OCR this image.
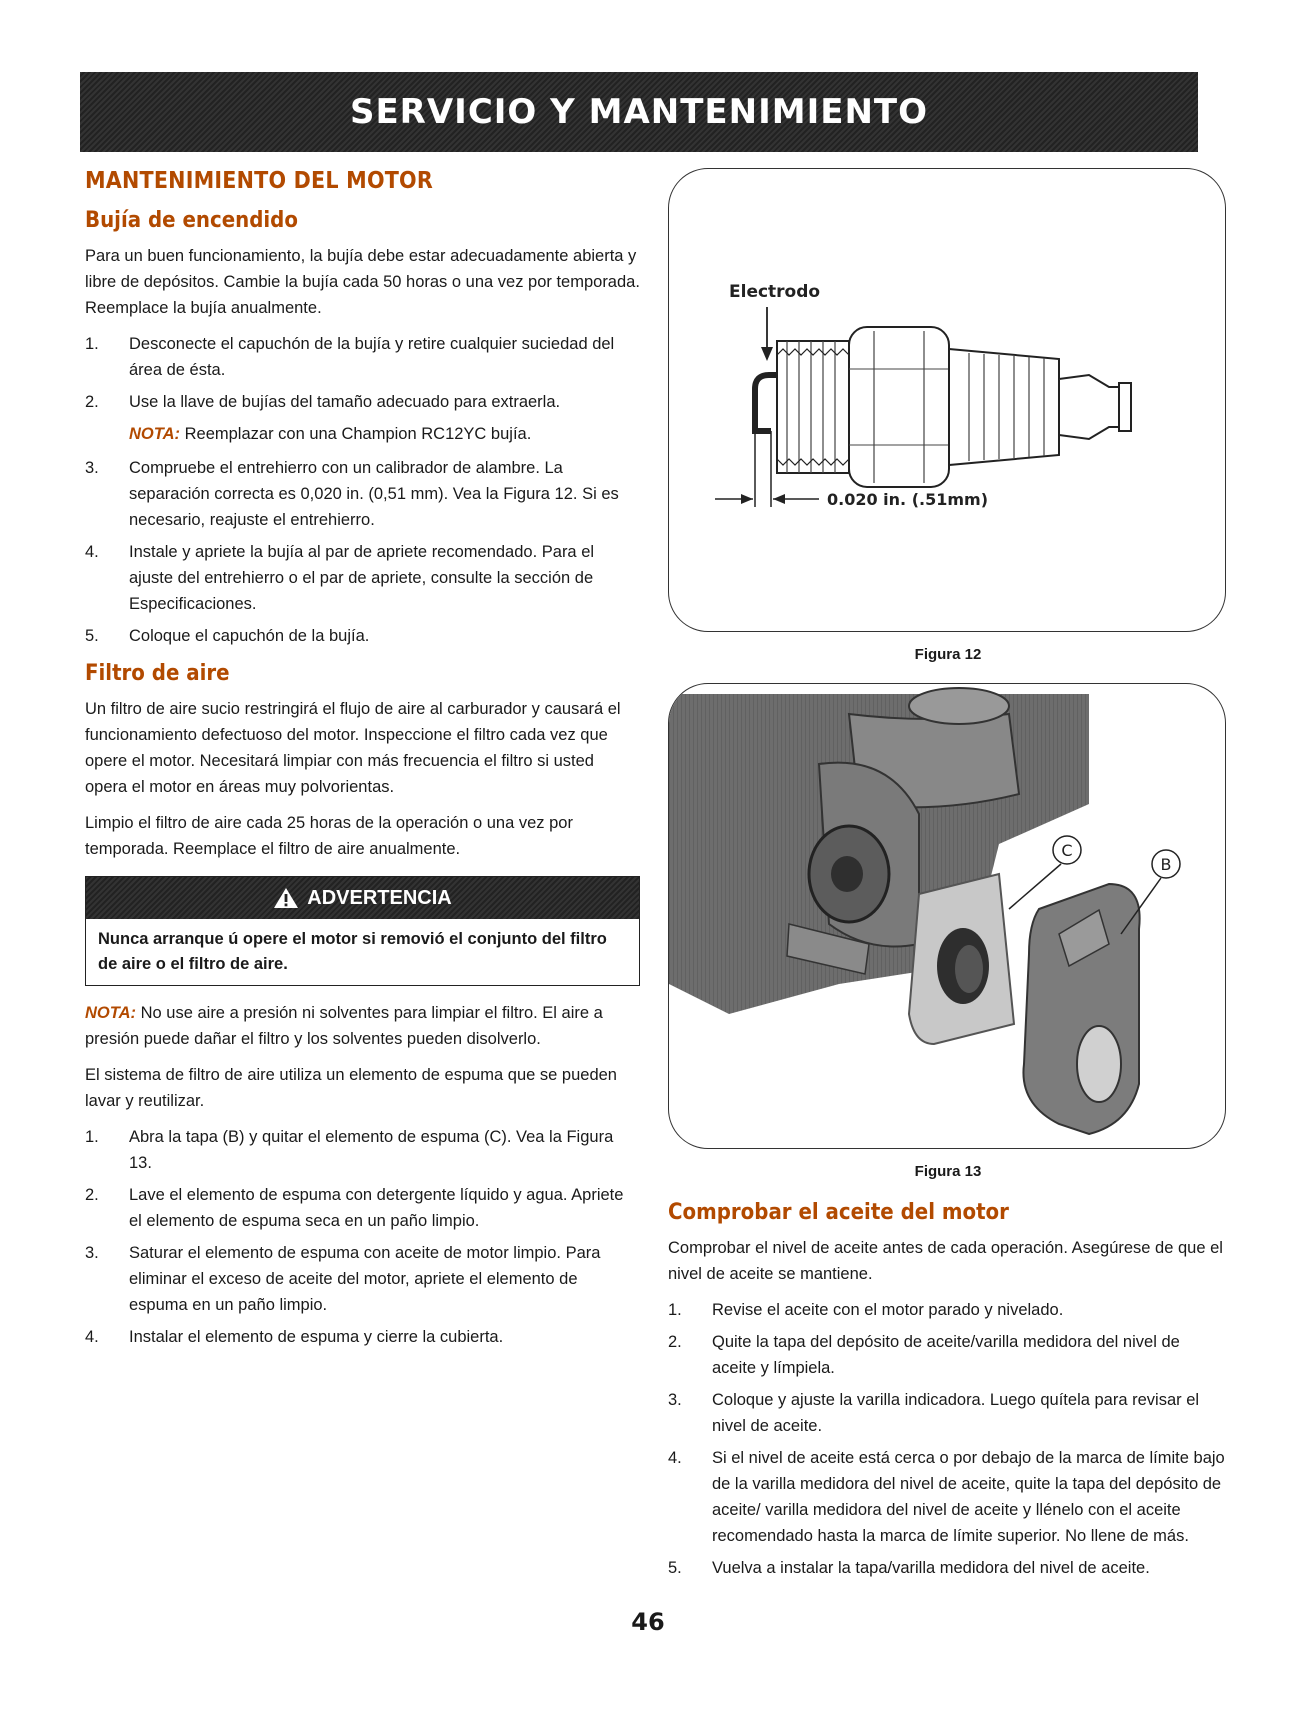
SERVICIO Y MANTENIMIENTO
MANTENIMIENTO DEL MOTOR
Bujía de encendido

Para un buen funcionamiento, la bujía debe estar adecuadamente abierta y libre de depósitos. Cambie la bujía cada 50 horas o una vez por temporada. Reemplace la bujía anualmente.

1. Desconecte el capuchón de la bujía y retire cualquier suciedad del área de ésta.
2. Use la llave de bujías del tamaño adecuado para extraerla.
NOTA: Reemplazar con una Champion RC12YC bujía.
3. Compruebe el entrehierro con un calibrador de alambre. La separación correcta es 0,020 in. (0,51 mm). Vea la Figura 12. Si es necesario, reajuste el entrehierro.
4. Instale y apriete la bujía al par de apriete recomendado. Para el ajuste del entrehierro o el par de apriete, consulte la sección de Especificaciones.
5. Coloque el capuchón de la bujía.
Filtro de aire

Un filtro de aire sucio restringirá el flujo de aire al carburador y causará el funcionamiento defectuoso del motor. Inspeccione el filtro cada vez que opere el motor. Necesitará limpiar con más frecuencia el filtro si usted opera el motor en áreas muy polvorientas.

Limpio el filtro de aire cada 25 horas de la operación o una vez por temporada. Reemplace el filtro de aire anualmente.

ADVERTENCIA
Nunca arranque ú opere el motor si removió el conjunto del filtro de aire o el filtro de aire.

NOTA: No use aire a presión ni solventes para limpiar el filtro. El aire a presión puede dañar el filtro y los solventes pueden disolverlo.

El sistema de filtro de aire utiliza un elemento de espuma que se pueden lavar y reutilizar.

1. Abra la tapa (B) y quitar el elemento de espuma (C). Vea la Figura 13.
2. Lave el elemento de espuma con detergente líquido y agua. Apriete el elemento de espuma seca en un paño limpio.
3. Saturar el elemento de espuma con aceite de motor limpio. Para eliminar el exceso de aceite del motor, apriete el elemento de espuma en un paño limpio.
4. Instalar el elemento de espuma y cierre la cubierta.
Electrodo
0.020 in. (.51mm)
Figura 12
C
B
Figura 13
Comprobar el aceite del motor

Comprobar el nivel de aceite antes de cada operación. Asegúrese de que el nivel de aceite se mantiene.

1. Revise el aceite con el motor parado y nivelado.
2. Quite la tapa del depósito de aceite/varilla medidora del nivel de aceite y límpiela.
3. Coloque y ajuste la varilla indicadora. Luego quítela para revisar el nivel de aceite.
4. Si el nivel de aceite está cerca o por debajo de la marca de límite bajo de la varilla medidora del nivel de aceite, quite la tapa del depósito de aceite/ varilla medidora del nivel de aceite y llénelo con el aceite recomendado hasta la marca de límite superior. No llene de más.
5. Vuelva a instalar la tapa/varilla medidora del nivel de aceite.
46
